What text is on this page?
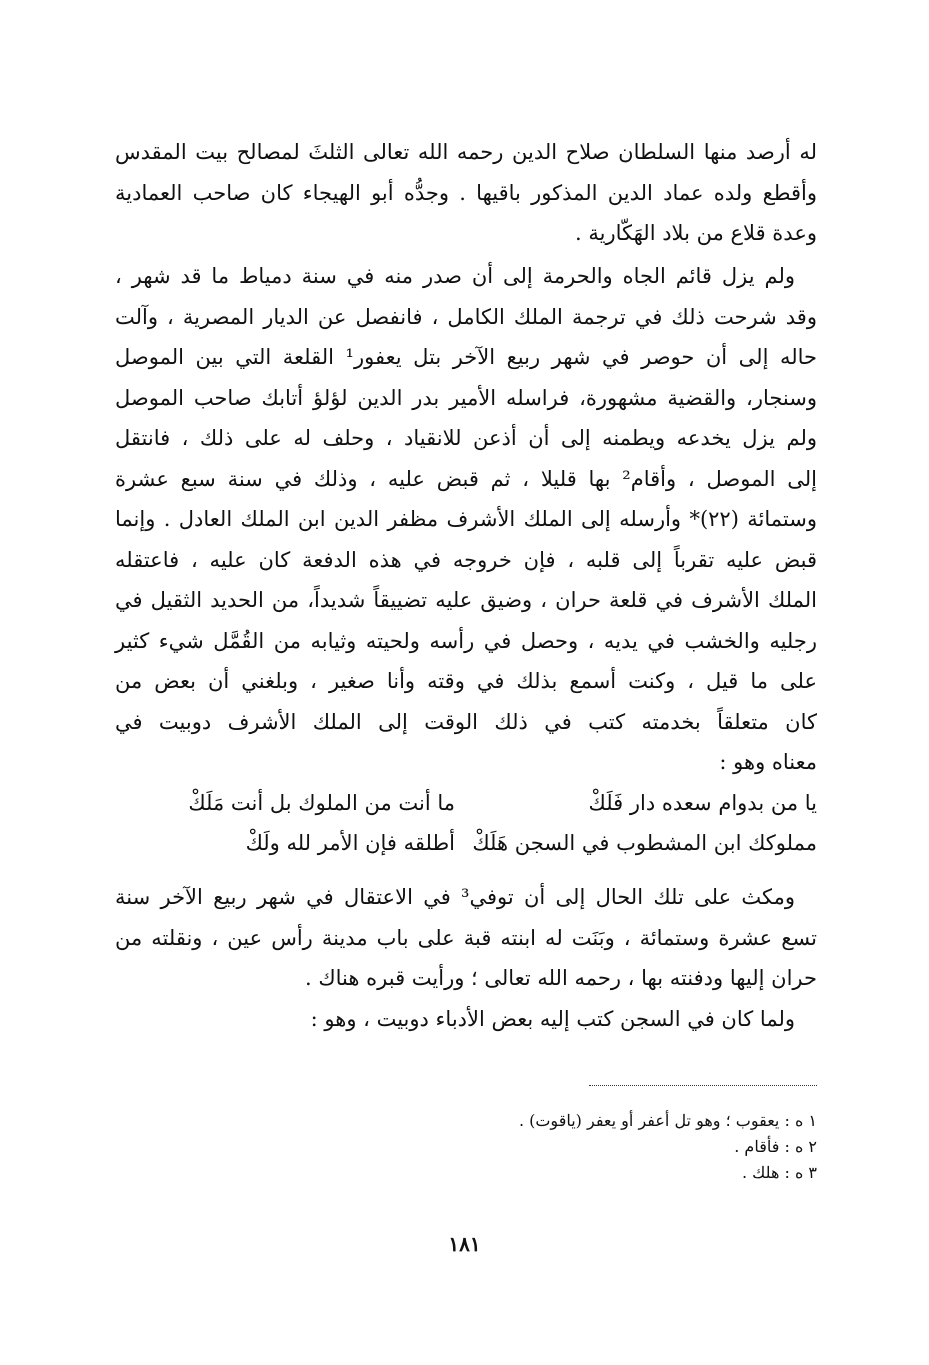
له أرصد منها السلطان صلاح الدين رحمه الله تعالى الثلثَ لمصالح بيت المقدس
وأقطع ولده عماد الدين المذكور باقيها . وجدُّه أبو الهيجاء كان صاحب العمادية
وعدة قلاع من بلاد الهَكّارية .
ولم يزل قائم الجاه والحرمة إلى أن صدر منه في سنة دمياط ما قد شهر ،
وقد شرحت ذلك في ترجمة الملك الكامل ، فانفصل عن الديار المصرية ، وآلت
حاله إلى أن حوصر في شهر ربيع الآخر بتل يعفور¹ القلعة التي بين الموصل
وسنجار، والقضية مشهورة، فراسله الأمير بدر الدين لؤلؤ أتابك صاحب الموصل
ولم يزل يخدعه ويطمنه إلى أن أذعن للانقياد ، وحلف له على ذلك ، فانتقل
إلى الموصل ، وأقام² بها قليلا ، ثم قبض عليه ، وذلك في سنة سبع عشرة
وستمائة (٢٢)* وأرسله إلى الملك الأشرف مظفر الدين ابن الملك العادل . وإنما
قبض عليه تقرباً إلى قلبه ، فإن خروجه في هذه الدفعة كان عليه ، فاعتقله
الملك الأشرف في قلعة حران ، وضيق عليه تضييقاً شديداً، من الحديد الثقيل في
رجليه والخشب في يديه ، وحصل في رأسه ولحيته وثيابه من القُمَّل شيء كثير
على ما قيل ، وكنت أسمع بذلك في وقته وأنا صغير ، وبلغني أن بعض من
كان متعلقاً بخدمته كتب في ذلك الوقت إلى الملك الأشرف دوبيت في
معناه وهو :
يا من بدوام سعده دار فَلَكْ
ما أنت من الملوك بل أنت مَلَكْ
مملوكك ابن المشطوب في السجن هَلَكْ
أطلقه فإن الأمر لله ولَكْ
ومكث على تلك الحال إلى أن توفي³ في الاعتقال في شهر ربيع الآخر سنة
تسع عشرة وستمائة ، وبَنَت له ابنته قبة على باب مدينة رأس عين ، ونقلته من
حران إليها ودفنته بها ، رحمه الله تعالى ؛ ورأيت قبره هناك .
ولما كان في السجن كتب إليه بعض الأدباء دوبيت ، وهو :
١ ه : يعقوب ؛ وهو تل أعفر أو يعفر (ياقوت) .
٢ ه : فأقام .
٣ ه : هلك .
١٨١
